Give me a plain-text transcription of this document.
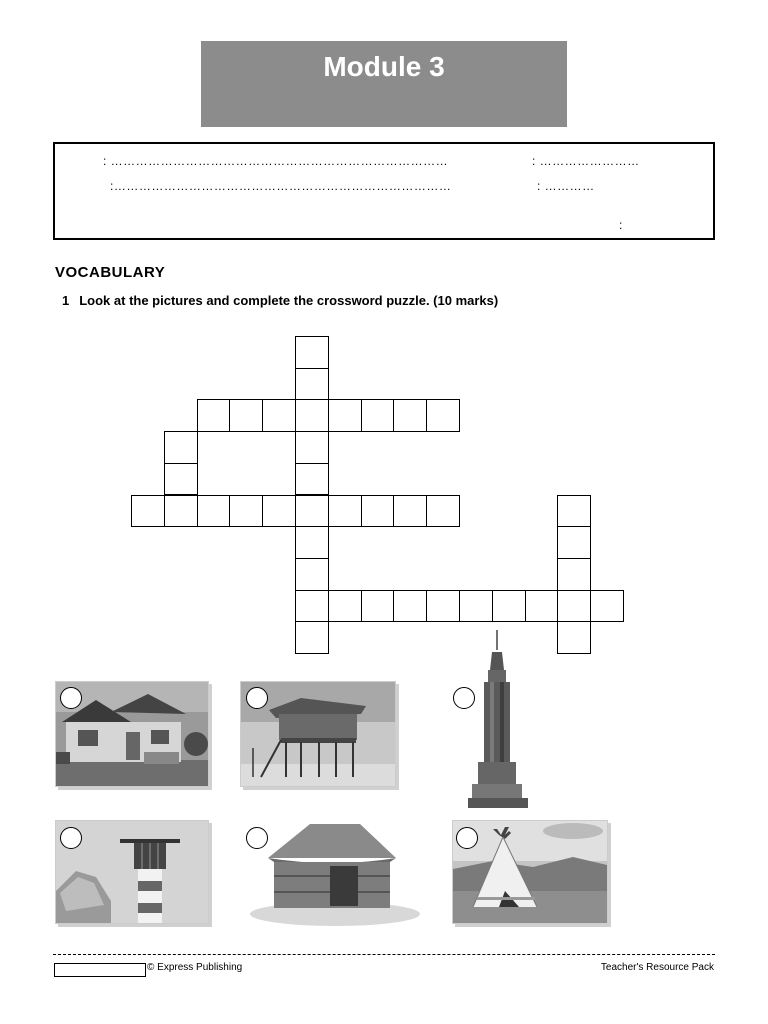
Module 3
: ………………………………………………………………………	: ……………………
:………………………………………………………………………	: …………
:
VOCABULARY
1 Look at the pictures and complete the crossword puzzle. (10 marks)
© Express Publishing	Teacher's Resource Pack
